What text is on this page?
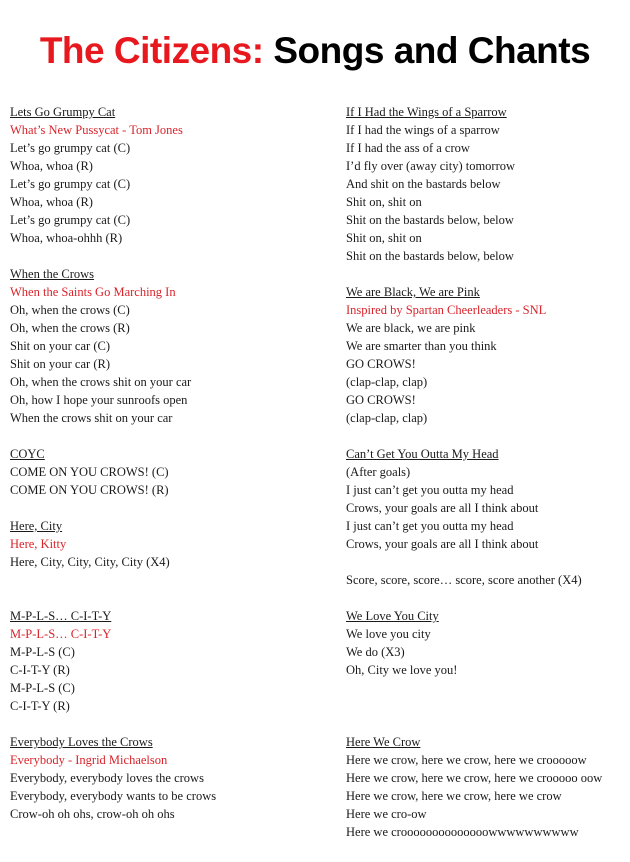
The Citizens: Songs and Chants
Lets Go Grumpy Cat
What’s New Pussycat - Tom Jones
Let’s go grumpy cat (C)
Whoa, whoa (R)
Let’s go grumpy cat (C)
Whoa, whoa (R)
Let’s go grumpy cat (C)
Whoa, whoa-ohhh (R)
When the Crows
When the Saints Go Marching In
Oh, when the crows (C)
Oh, when the crows (R)
Shit on your car (C)
Shit on your car (R)
Oh, when the crows shit on your car
Oh, how I hope your sunroofs open
When the crows shit on your car
COYC
COME ON YOU CROWS! (C)
COME ON YOU CROWS! (R)
Here, City
Here, Kitty
Here, City, City, City, City (X4)
M-P-L-S… C-I-T-Y
M-P-L-S… C-I-T-Y
M-P-L-S (C)
C-I-T-Y (R)
M-P-L-S (C)
C-I-T-Y (R)
Everybody Loves the Crows
Everybody - Ingrid Michaelson
Everybody, everybody loves the crows
Everybody, everybody wants to be crows
Crow-oh oh ohs, crow-oh oh ohs
If I Had the Wings of a Sparrow
If I had the wings of a sparrow
If I had the ass of a crow
I’d fly over (away city) tomorrow
And shit on the bastards below
Shit on, shit on
Shit on the bastards below, below
Shit on, shit on
Shit on the bastards below, below
We are Black, We are Pink
Inspired by Spartan Cheerleaders - SNL
We are black, we are pink
We are smarter than you think
GO CROWS!
(clap-clap, clap)
GO CROWS!
(clap-clap, clap)
Can’t Get You Outta My Head
(After goals)
I just can’t get you outta my head
Crows, your goals are all I think about
I just can’t get you outta my head
Crows, your goals are all I think about
Score, score, score… score, score another (X4)
We Love You City
We love you city
We do (X3)
Oh, City we love you!
Here We Crow
Here we crow, here we crow, here we crooooow
Here we crow, here we crow, here we crooooo oow
Here we crow, here we crow, here we crow
Here we cro-ow
Here we croooooooooooooowwwwwwwwww
